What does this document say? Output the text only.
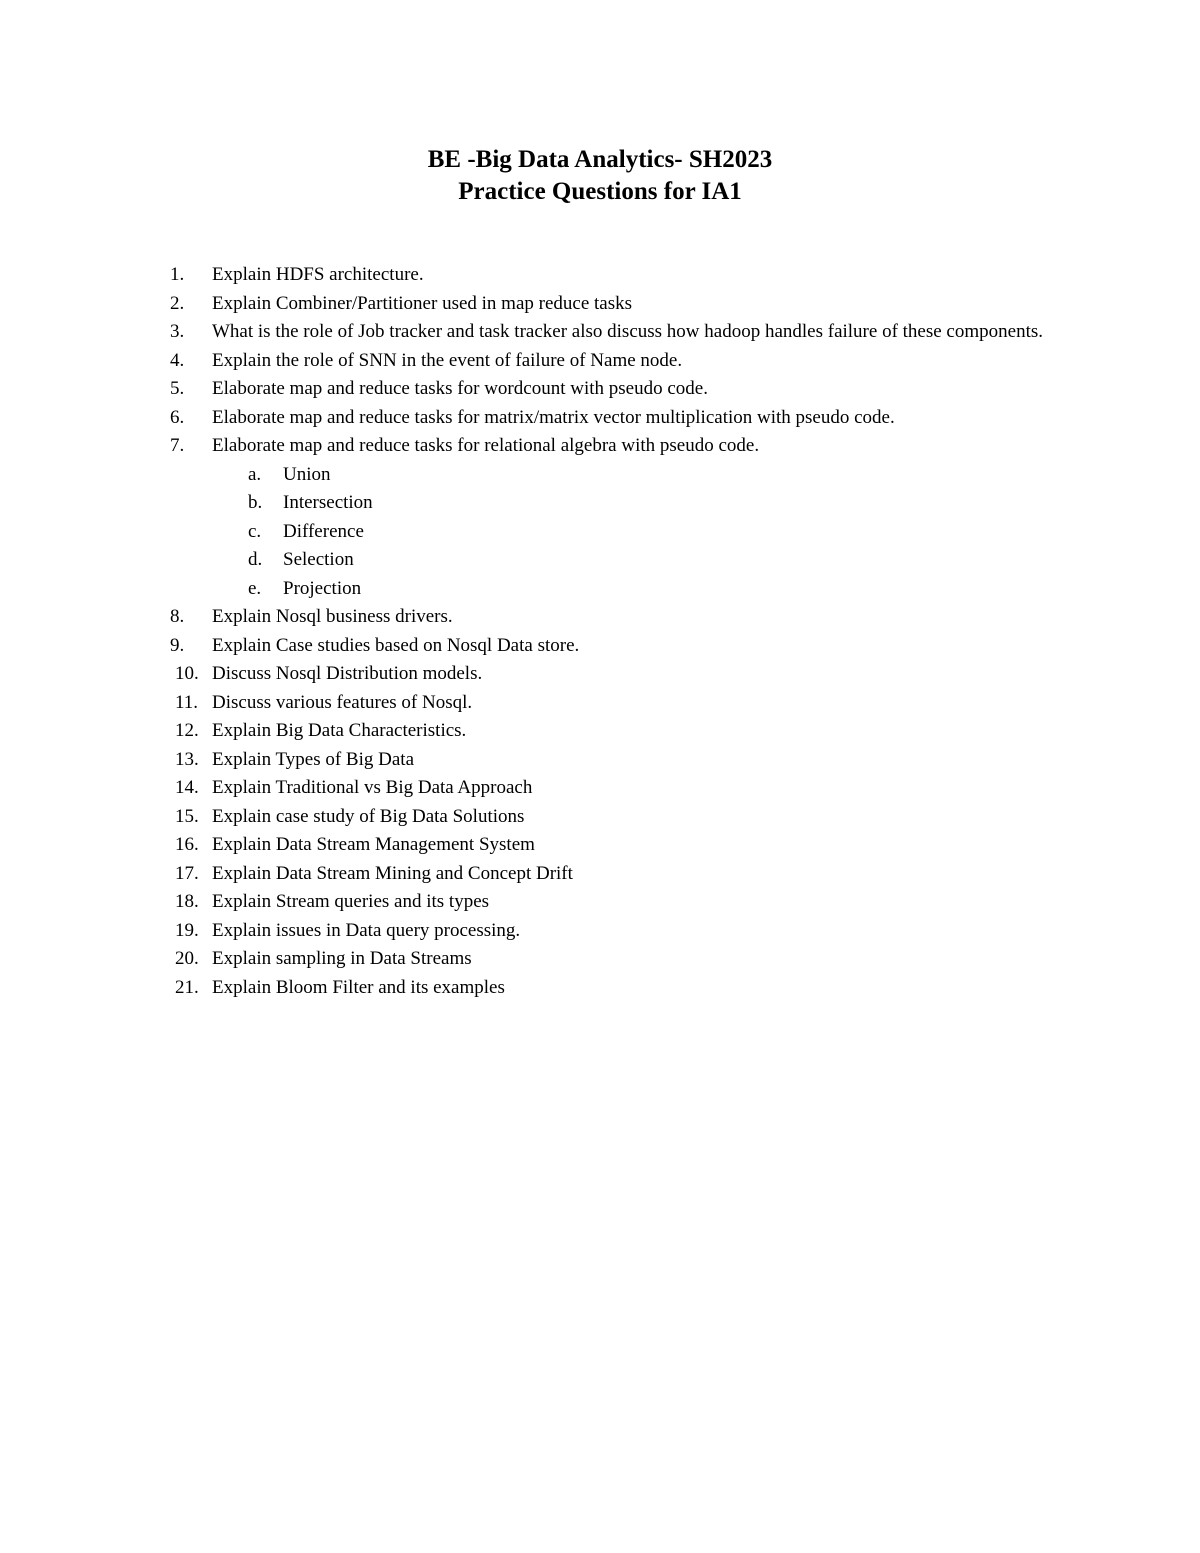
BE -Big Data Analytics- SH2023
Practice Questions for IA1
1.	Explain HDFS architecture.
2.	Explain Combiner/Partitioner used in map reduce tasks
3.	What is the role of Job tracker and task tracker also discuss how hadoop handles failure of these components.
4.	Explain the role of SNN in the event of failure of Name node.
5.	Elaborate map and reduce tasks for wordcount with pseudo code.
6.	Elaborate map and reduce tasks for matrix/matrix vector multiplication with pseudo code.
7.	Elaborate map and reduce tasks for relational algebra with pseudo code.
a. Union
b. Intersection
c. Difference
d. Selection
e. Projection
8.	Explain Nosql business drivers.
9.	Explain Case studies based on Nosql Data store.
10. Discuss Nosql Distribution models.
11. Discuss various features of Nosql.
12. Explain Big Data Characteristics.
13. Explain Types of Big Data
14. Explain Traditional vs Big Data Approach
15. Explain case study of Big Data Solutions
16. Explain Data Stream Management System
17. Explain Data Stream Mining and Concept Drift
18. Explain Stream queries and its types
19. Explain issues in Data query processing.
20. Explain sampling in Data Streams
21. Explain Bloom Filter and its examples
